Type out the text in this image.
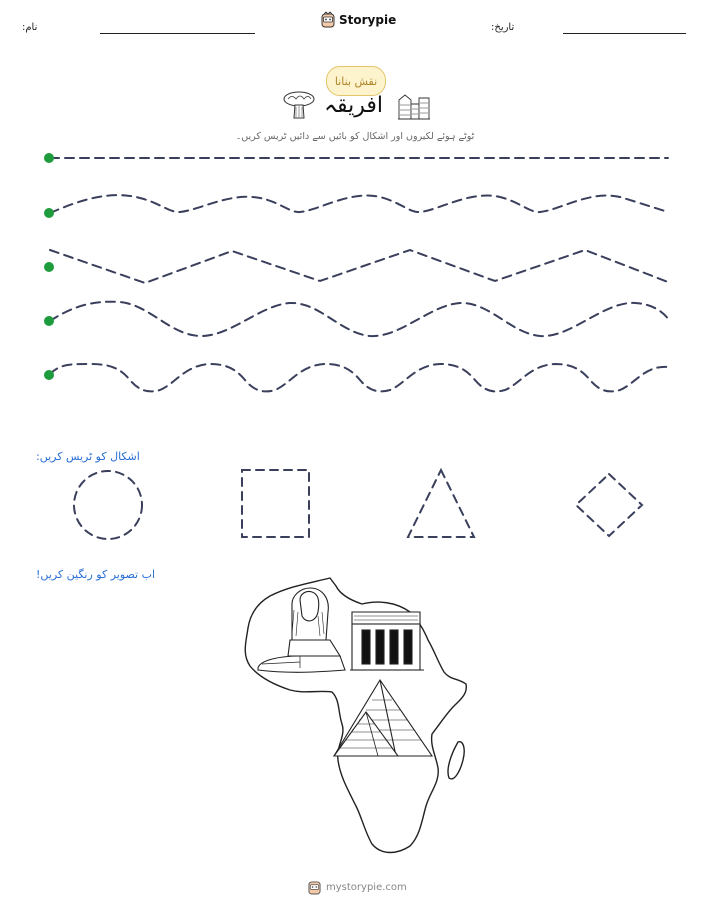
نام:
Storypie
تاریخ:
نقش بنانا
افریقہ
ٹوٹے ہوئے لکیروں اور اشکال کو بائیں سے دائیں ٹریس کریں۔
اشکال کو ٹریس کریں:
اب تصویر کو رنگین کریں!
mystorypie.com
